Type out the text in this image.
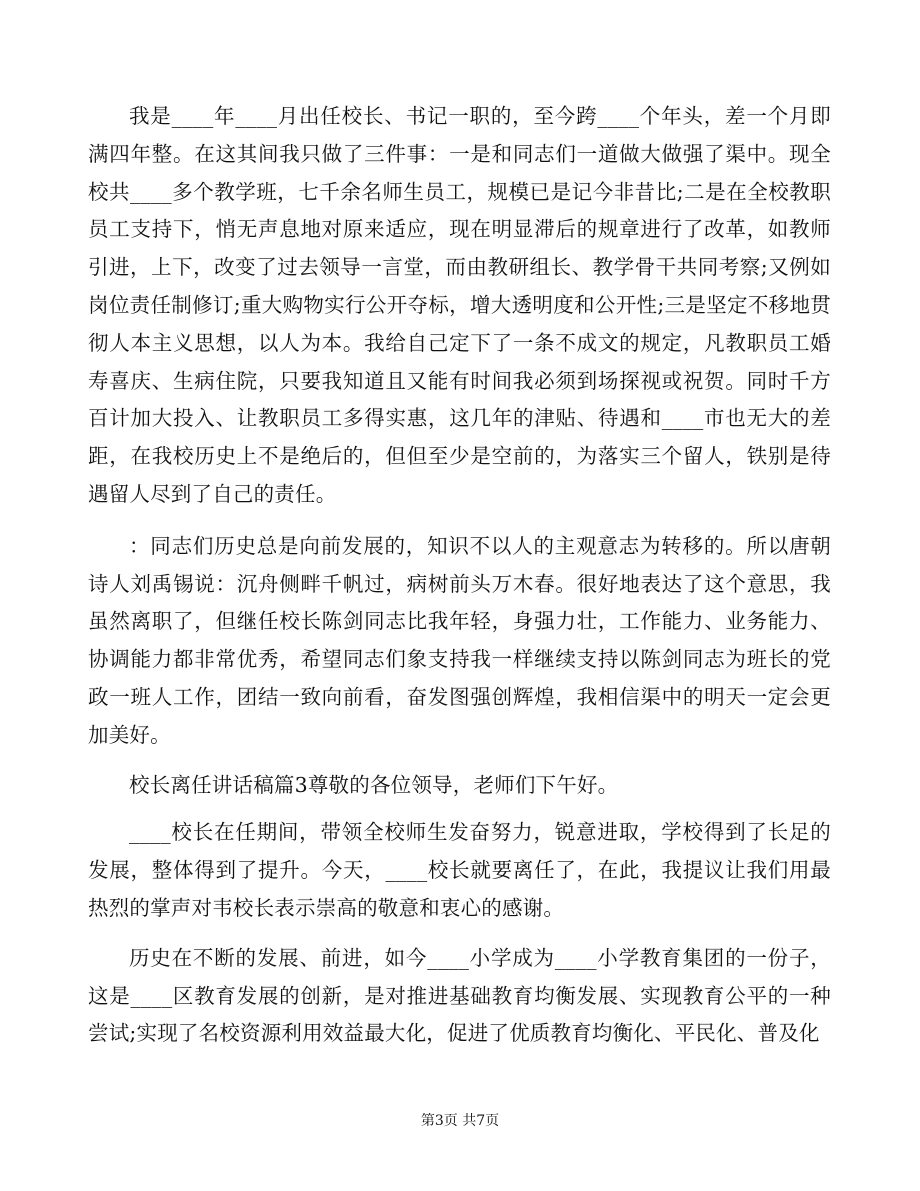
我是____年____月出任校长、书记一职的，至今跨____个年头，差一个月即满四年整。在这其间我只做了三件事：一是和同志们一道做大做强了渠中。现全校共____多个教学班，七千余名师生员工，规模已是记今非昔比;二是在全校教职员工支持下，悄无声息地对原来适应，现在明显滞后的规章进行了改革，如教师引进，上下，改变了过去领导一言堂，而由教研组长、教学骨干共同考察;又例如岗位责任制修订;重大购物实行公开夺标，增大透明度和公开性;三是坚定不移地贯彻人本主义思想，以人为本。我给自己定下了一条不成文的规定，凡教职员工婚寿喜庆、生病住院，只要我知道且又能有时间我必须到场探视或祝贺。同时千方百计加大投入、让教职员工多得实惠，这几年的津贴、待遇和____市也无大的差距，在我校历史上不是绝后的，但但至少是空前的，为落实三个留人，铁别是待遇留人尽到了自己的责任。

：同志们历史总是向前发展的，知识不以人的主观意志为转移的。所以唐朝诗人刘禹锡说：沉舟侧畔千帆过，病树前头万木春。很好地表达了这个意思，我虽然离职了，但继任校长陈剑同志比我年轻，身强力壮，工作能力、业务能力、协调能力都非常优秀，希望同志们象支持我一样继续支持以陈剑同志为班长的党政一班人工作，团结一致向前看，奋发图强创辉煌，我相信渠中的明天一定会更加美好。

校长离任讲话稿篇3尊敬的各位领导，老师们下午好。

____校长在任期间，带领全校师生发奋努力，锐意进取，学校得到了长足的发展，整体得到了提升。今天，____校长就要离任了，在此，我提议让我们用最热烈的掌声对韦校长表示崇高的敬意和衷心的感谢。

历史在不断的发展、前进，如今____小学成为____小学教育集团的一份子，这是____区教育发展的创新，是对推进基础教育均衡发展、实现教育公平的一种尝试;实现了名校资源利用效益最大化，促进了优质教育均衡化、平民化、普及化

第3页 共7页
